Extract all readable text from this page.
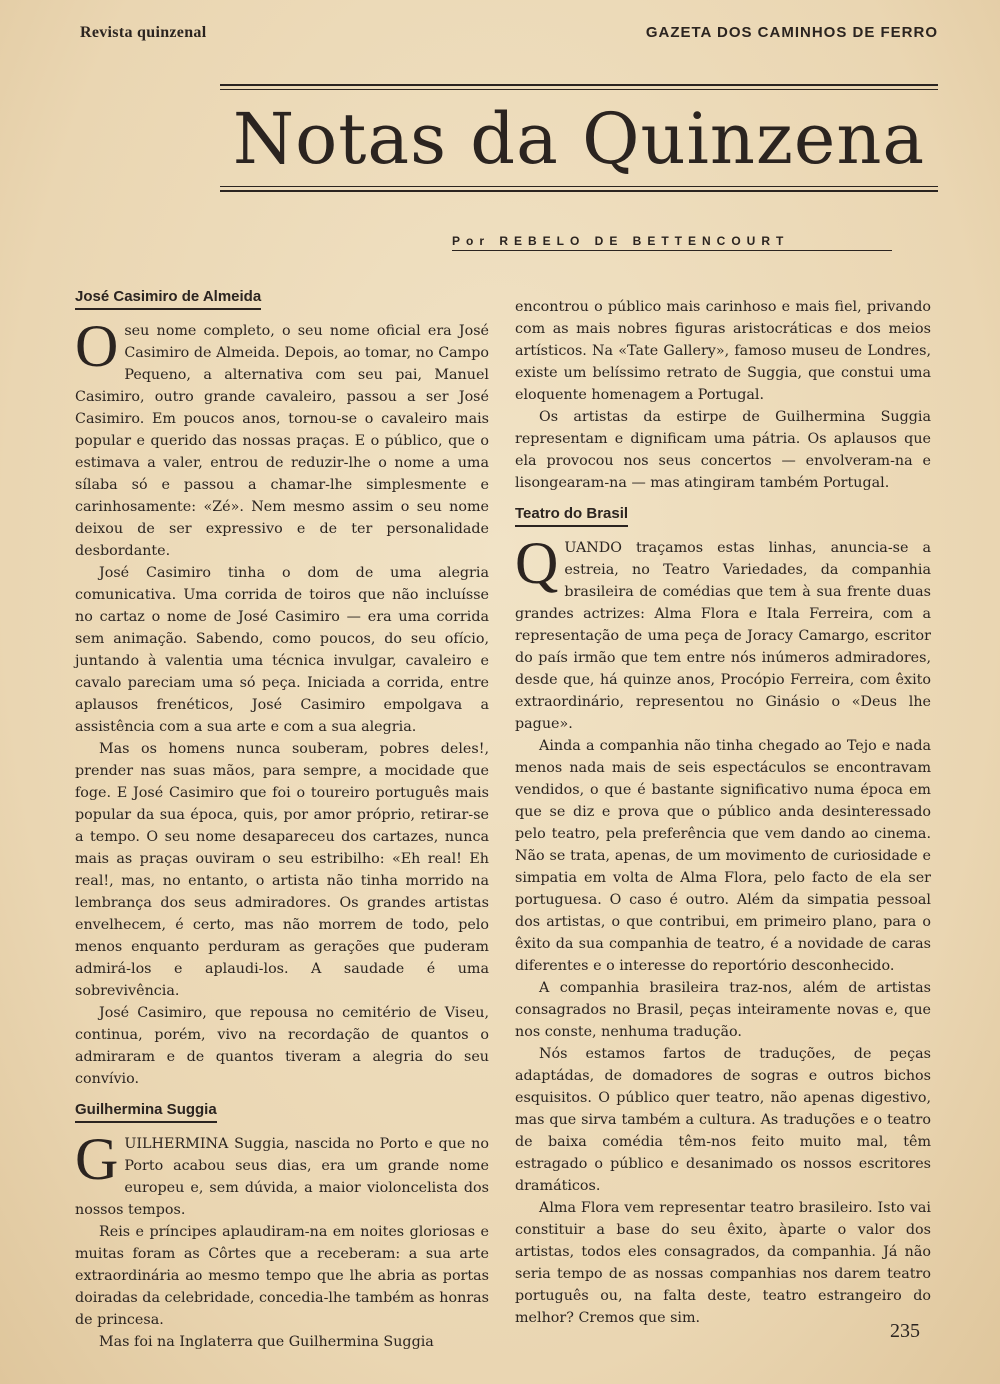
Revista quinzenal	GAZETA DOS CAMINHOS DE FERRO
Notas da Quinzena
Por REBELO DE BETTENCOURT
José Casimiro de Almeida

Oseu nome completo, o seu nome oficial era José Casimiro de Almeida. Depois, ao tomar, no Campo Pequeno, a alternativa com seu pai, Manuel Casimiro, outro grande cavaleiro, passou a ser José Casimiro. Em poucos anos, tornou-se o cavaleiro mais popular e querido das nossas praças. E o público, que o estimava a valer, entrou de reduzir-lhe o nome a uma sílaba só e passou a chamar-lhe simplesmente e carinhosamente: «Zé». Nem mesmo assim o seu nome deixou de ser expressivo e de ter personalidade desbordante.

José Casimiro tinha o dom de uma alegria comunicativa. Uma corrida de toiros que não incluísse no cartaz o nome de José Casimiro — era uma corrida sem animação. Sabendo, como poucos, do seu ofício, juntando à valentia uma técnica invulgar, cavaleiro e cavalo pareciam uma só peça. Iniciada a corrida, entre aplausos frenéticos, José Casimiro empolgava a assistência com a sua arte e com a sua alegria.

Mas os homens nunca souberam, pobres deles!, prender nas suas mãos, para sempre, a mocidade que foge. E José Casimiro que foi o toureiro português mais popular da sua época, quis, por amor próprio, retirar-se a tempo. O seu nome desapareceu dos cartazes, nunca mais as praças ouviram o seu estribilho: «Eh real! Eh real!, mas, no entanto, o artista não tinha morrido na lembrança dos seus admiradores. Os grandes artistas envelhecem, é certo, mas não morrem de todo, pelo menos enquanto perduram as gerações que puderam admirá-los e aplaudi-los. A saudade é uma sobrevivência.

José Casimiro, que repousa no cemitério de Viseu, continua, porém, vivo na recordação de quantos o admiraram e de quantos tiveram a alegria do seu convívio.

Guilhermina Suggia

GUILHERMINA Suggia, nascida no Porto e que no Porto acabou seus dias, era um grande nome europeu e, sem dúvida, a maior violoncelista dos nossos tempos.

Reis e príncipes aplaudiram-na em noites gloriosas e muitas foram as Côrtes que a receberam: a sua arte extraordinária ao mesmo tempo que lhe abria as portas doiradas da celebridade, concedia-lhe também as honras de princesa.

Mas foi na Inglaterra que Guilhermina Suggia

encontrou o público mais carinhoso e mais fiel, privando com as mais nobres figuras aristocráticas e dos meios artísticos. Na «Tate Gallery», famoso museu de Londres, existe um belíssimo retrato de Suggia, que constui uma eloquente homenagem a Portugal.

Os artistas da estirpe de Guilhermina Suggia representam e dignificam uma pátria. Os aplausos que ela provocou nos seus concertos — envolveram-na e lisongearam-na — mas atingiram também Portugal.

Teatro do Brasil

QUANDO traçamos estas linhas, anuncia-se a estreia, no Teatro Variedades, da companhia brasileira de comédias que tem à sua frente duas grandes actrizes: Alma Flora e Itala Ferreira, com a representação de uma peça de Joracy Camargo, escritor do país irmão que tem entre nós inúmeros admiradores, desde que, há quinze anos, Procópio Ferreira, com êxito extraordinário, representou no Ginásio o «Deus lhe pague».

Ainda a companhia não tinha chegado ao Tejo e nada menos nada mais de seis espectáculos se encontravam vendidos, o que é bastante significativo numa época em que se diz e prova que o público anda desinteressado pelo teatro, pela preferência que vem dando ao cinema. Não se trata, apenas, de um movimento de curiosidade e simpatia em volta de Alma Flora, pelo facto de ela ser portuguesa. O caso é outro. Além da simpatia pessoal dos artistas, o que contribui, em primeiro plano, para o êxito da sua companhia de teatro, é a novidade de caras diferentes e o interesse do reportório desconhecido.

A companhia brasileira traz-nos, além de artistas consagrados no Brasil, peças inteiramente novas e, que nos conste, nenhuma tradução.

Nós estamos fartos de traduções, de peças adaptádas, de domadores de sogras e outros bichos esquisitos. O público quer teatro, não apenas digestivo, mas que sirva também a cultura. As traduções e o teatro de baixa comédia têm-nos feito muito mal, têm estragado o público e desanimado os nossos escritores dramáticos.

Alma Flora vem representar teatro brasileiro. Isto vai constituir a base do seu êxito, àparte o valor dos artistas, todos eles consagrados, da companhia. Já não seria tempo de as nossas companhias nos darem teatro português ou, na falta deste, teatro estrangeiro do melhor? Cremos que sim.

235
